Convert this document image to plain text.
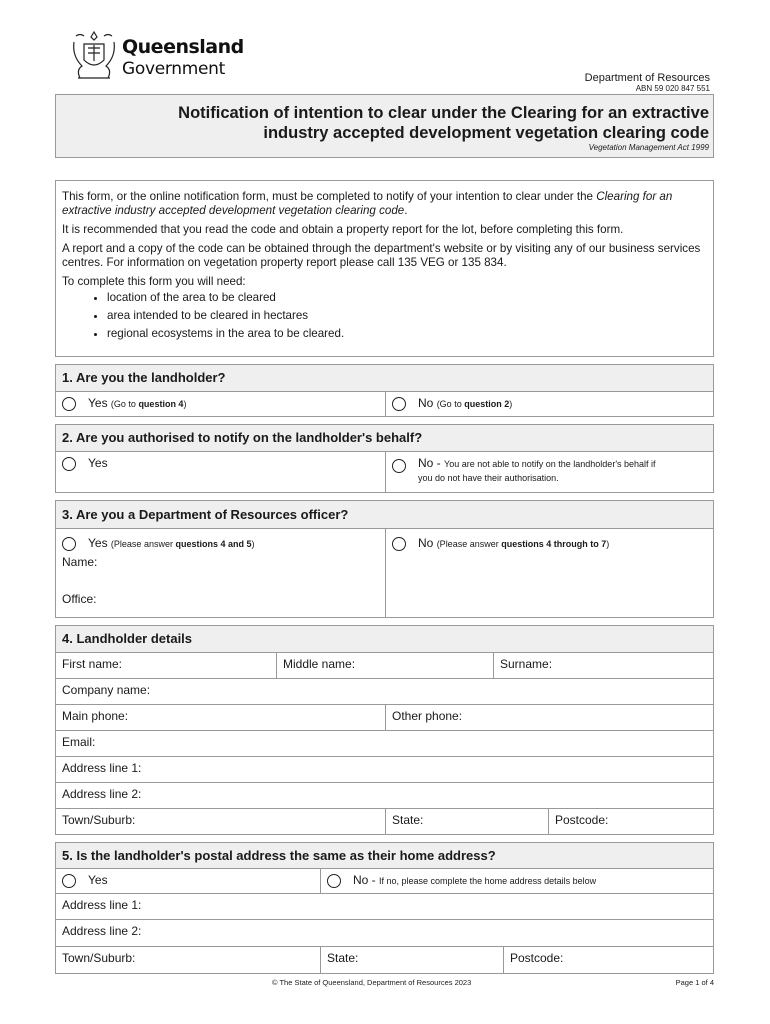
Queensland
Government	Department of Resources
ABN 59 020 847 551
Notification of intention to clear under the Clearing for an extractive
industry accepted development vegetation clearing code
Vegetation Management Act 1999

This form, or the online notification form, must be completed to notify of your intention to clear under the Clearing for an extractive industry accepted development vegetation clearing code.

It is recommended that you read the code and obtain a property report for the lot, before completing this form.

A report and a copy of the code can be obtained through the department's website or by visiting any of our business services centres. For information on vegetation property report please call 135 VEG or 135 834.

To complete this form you will need:

• location of the area to be cleared
• area intended to be cleared in hectares
• regional ecosystems in the area to be cleared.
1. Are you the landholder?
Yes (Go to question 4)	No (Go to question 2)
2. Are you authorised to notify on the landholder's behalf?
Yes	No - You are not able to notify on the landholder's behalf if
you do not have their authorisation.
3. Are you a Department of Resources officer?
Yes (Please answer questions 4 and 5)
Name:
Office:
No (Please answer questions 4 through to 7)
4. Landholder details
First name:	Middle name:	Surname:
Company name:
Main phone:	Other phone:
Email:
Address line 1:
Address line 2:
Town/Suburb:	State:	Postcode:
5. Is the landholder's postal address the same as their home address?
Yes	No - If no, please complete the home address details below
Address line 1:
Address line 2:
Town/Suburb:	State:	Postcode:
© The State of Queensland, Department of Resources 2023	Page 1 of 4
